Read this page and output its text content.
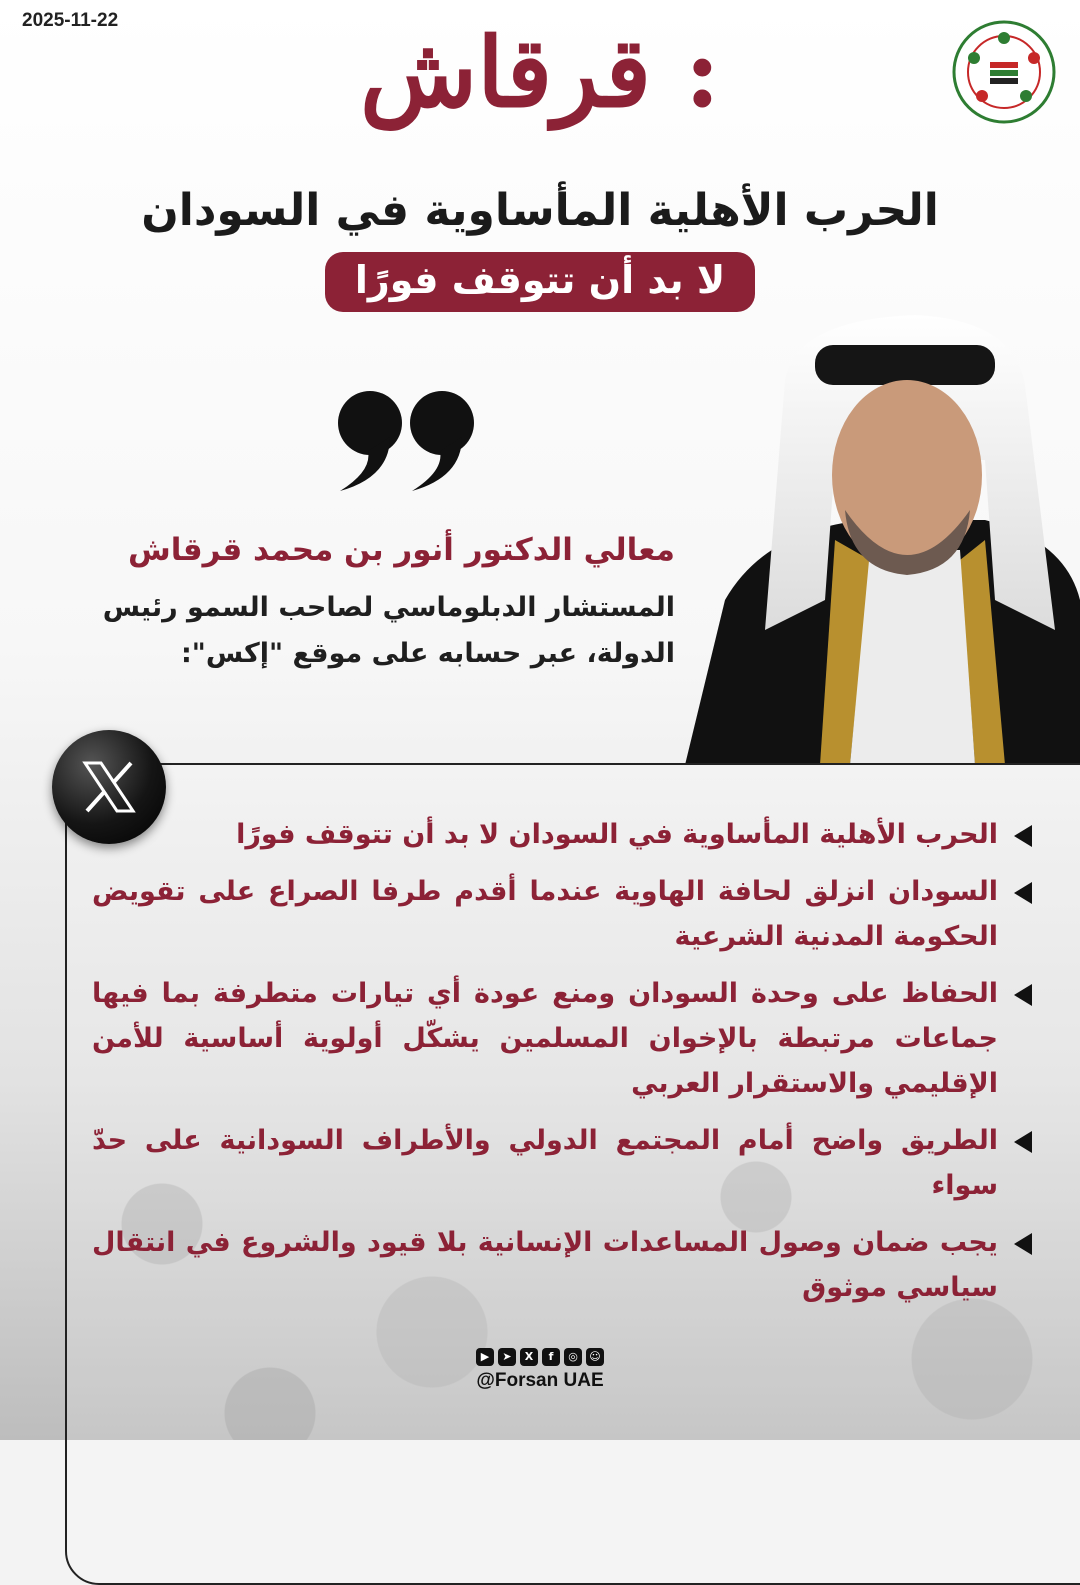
2025-11-22	قرقاش :
الحرب الأهلية المأساوية في السودان
لا بد أن تتوقف فورًا
معالي الدكتور أنور بن محمد قرقاش
المستشار الدبلوماسي لصاحب السمو رئيس الدولة، عبر حسابه على موقع "إكس":
الحرب الأهلية المأساوية في السودان لا بد أن تتوقف فورًا
السودان انزلق لحافة الهاوية عندما أقدم طرفا الصراع على تقويض الحكومة المدنية الشرعية
الحفاظ على وحدة السودان ومنع عودة أي تيارات متطرفة بما فيها جماعات مرتبطة بالإخوان المسلمين يشكّل أولوية أساسية للأمن الإقليمي والاستقرار العربي
الطريق واضح أمام المجتمع الدولي والأطراف السودانية على حدّ سواء
يجب ضمان وصول المساعدات الإنسانية بلا قيود والشروع في انتقال سياسي موثوق
▶	➤	X	f	◎	☺
@Forsan UAE
